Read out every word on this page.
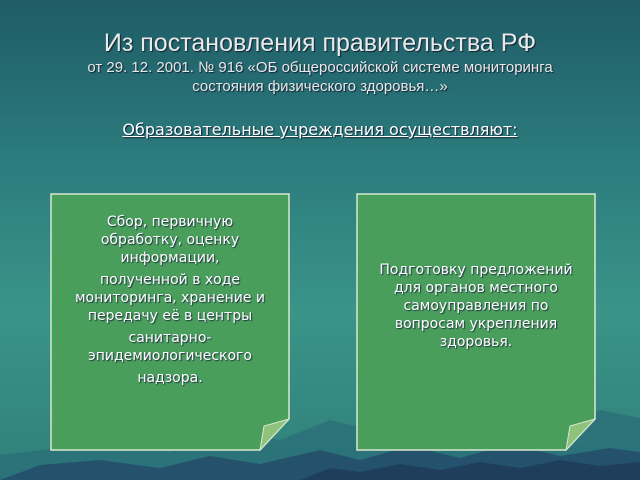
Из постановления правительства РФ
от 29. 12. 2001. № 916 «ОБ общероссийской системе мониторинга
состояния физического здоровья…»
Образовательные учреждения осуществляют:
Сбор, первичную
обработку, оценку
информации,
полученной в ходе
мониторинга, хранение и
передачу её в центры
санитарно-
эпидемиологического
надзора.
Подготовку предложений
для органов местного
самоуправления по
вопросам укрепления
здоровья.
